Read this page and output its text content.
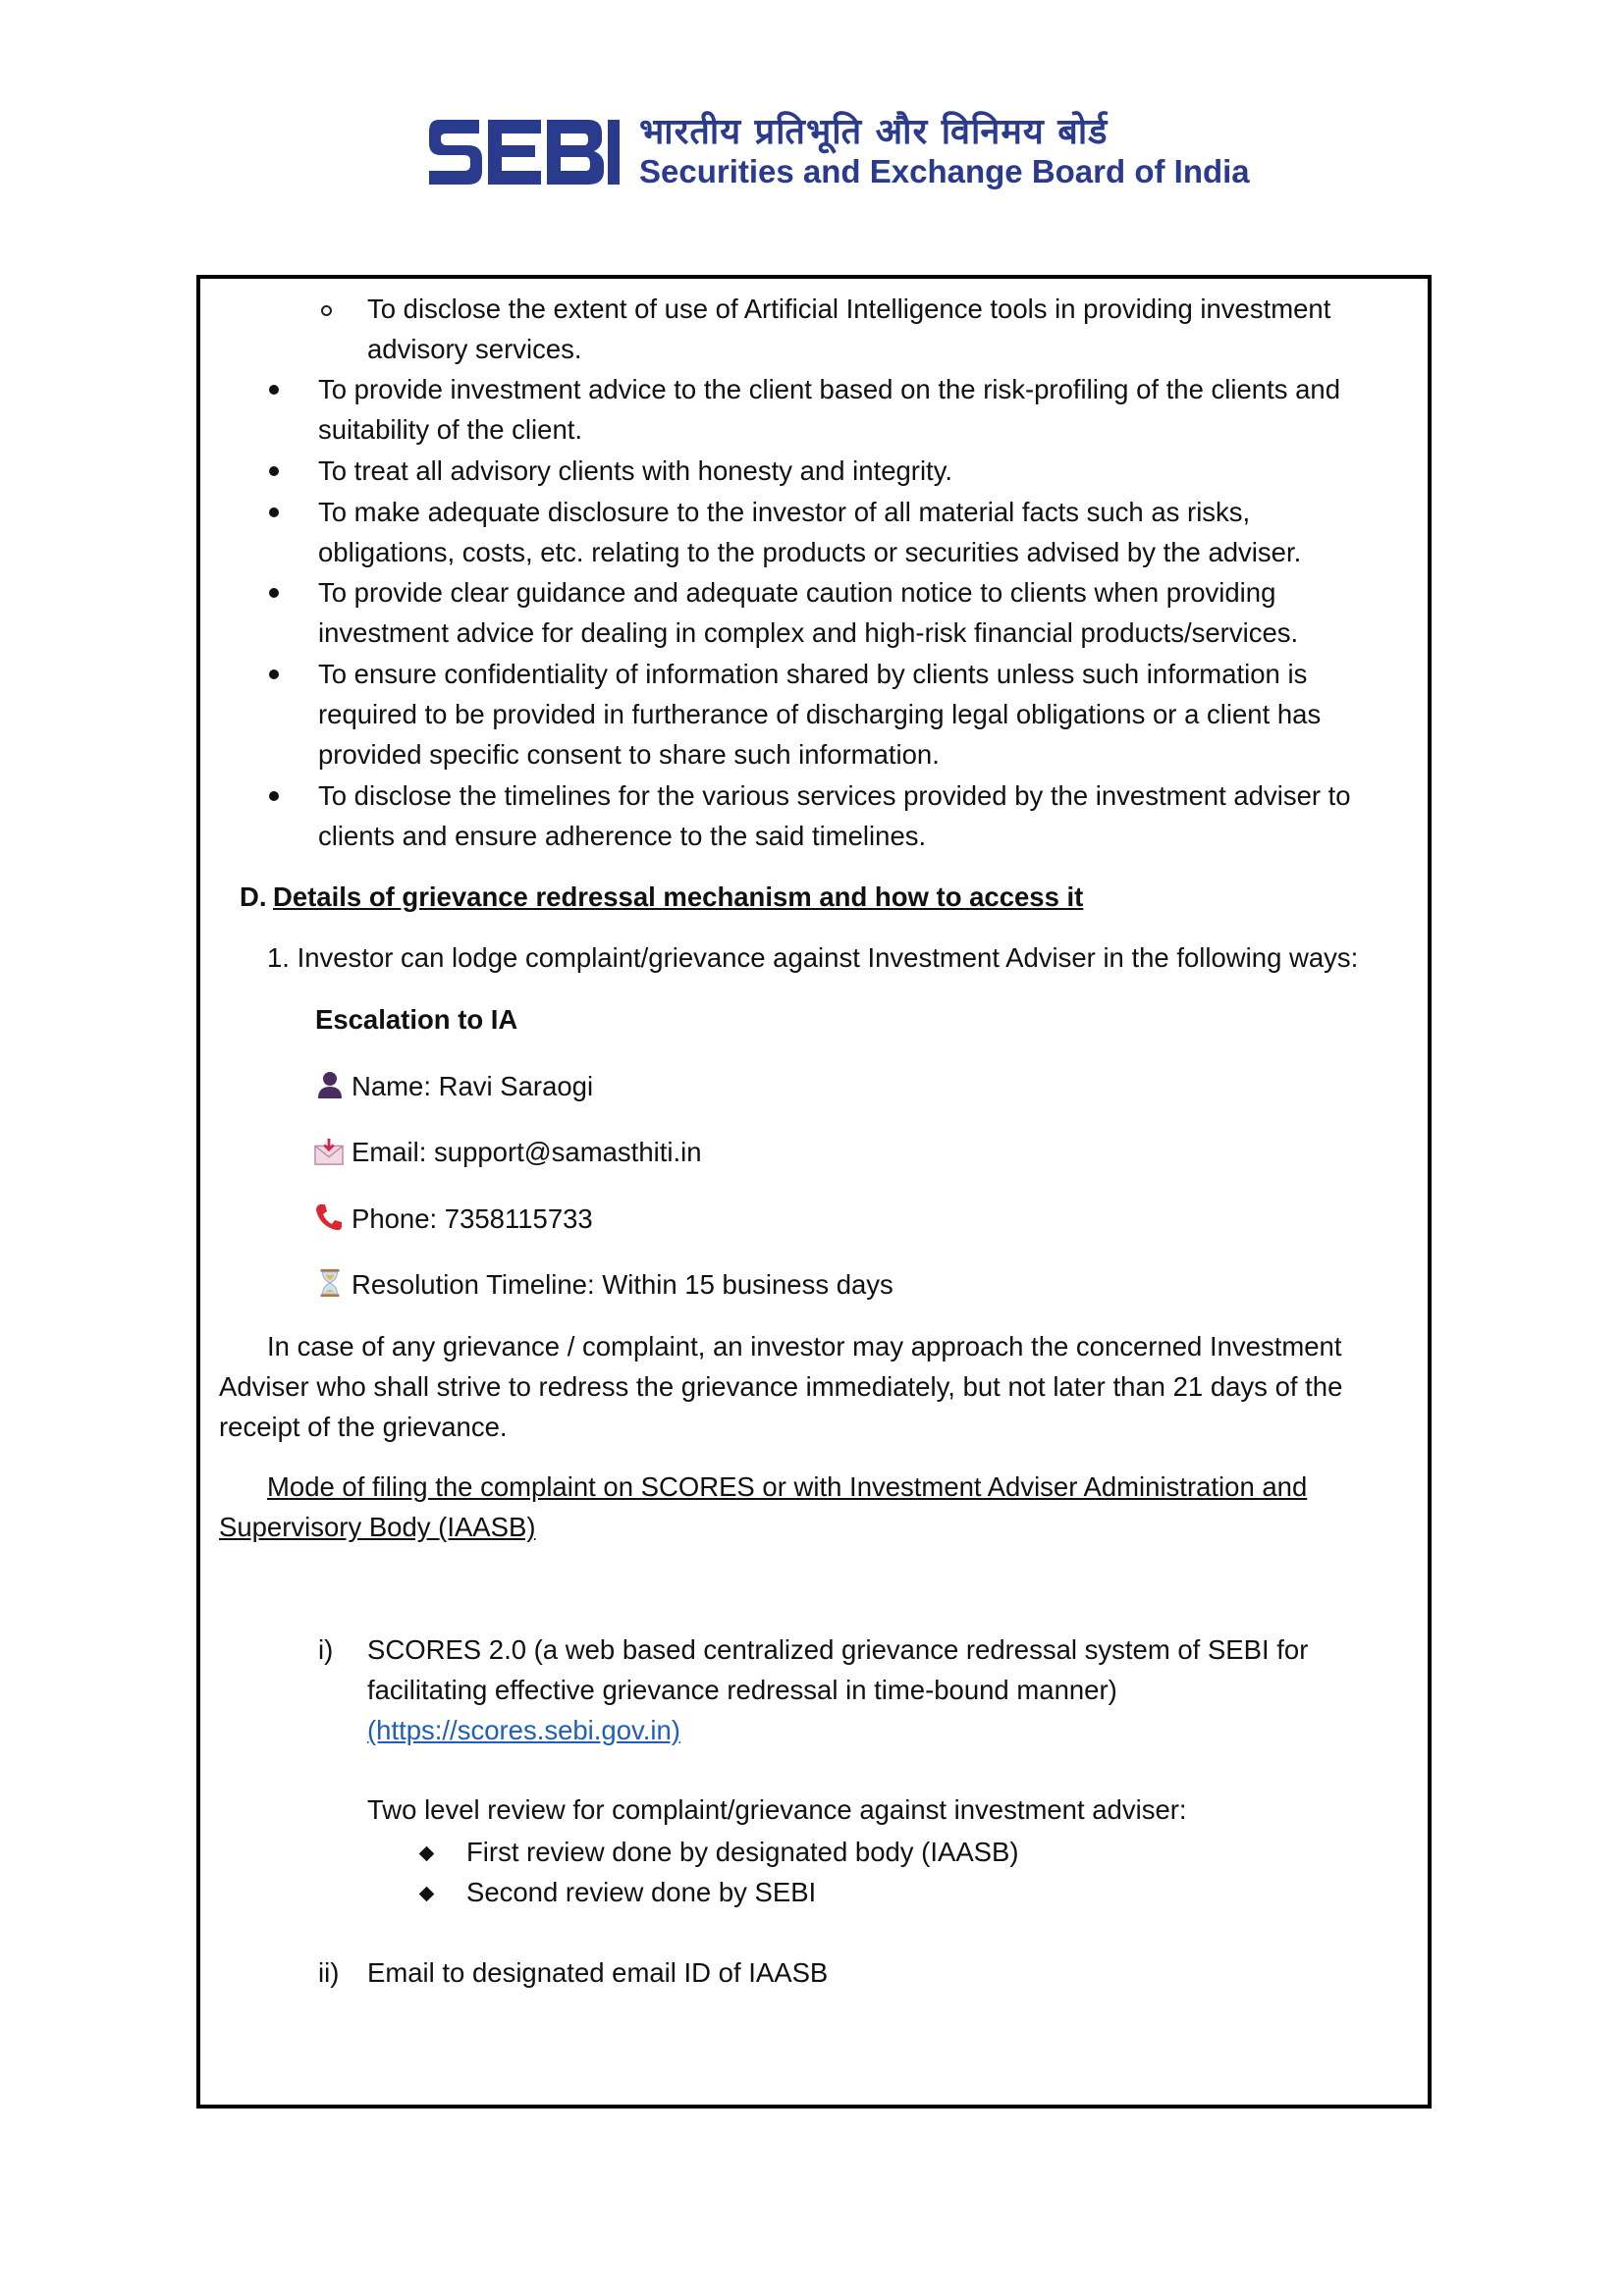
भारतीय प्रतिभूति और विनिमय बोर्ड
Securities and Exchange Board of India
To disclose the extent of use of Artificial Intelligence tools in providing investment
advisory services.
To provide investment advice to the client based on the risk-profiling of the clients and
suitability of the client.
To treat all advisory clients with honesty and integrity.
To make adequate disclosure to the investor of all material facts such as risks,
obligations, costs, etc. relating to the products or securities advised by the adviser.
To provide clear guidance and adequate caution notice to clients when providing
investment advice for dealing in complex and high-risk financial products/services.
To ensure confidentiality of information shared by clients unless such information is
required to be provided in furtherance of discharging legal obligations or a client has
provided specific consent to share such information.
To disclose the timelines for the various services provided by the investment adviser to
clients and ensure adherence to the said timelines.
D. Details of grievance redressal mechanism and how to access it
1. Investor can lodge complaint/grievance against Investment Adviser in the following ways:
Escalation to IA
Name: Ravi Saraogi
Email: support@samasthiti.in
Phone: 7358115733
Resolution Timeline: Within 15 business days
In case of any grievance / complaint, an investor may approach the concerned Investment
Adviser who shall strive to redress the grievance immediately, but not later than 21 days of the
receipt of the grievance.
Mode of filing the complaint on SCORES or with Investment Adviser Administration and
Supervisory Body (IAASB)
i) SCORES 2.0 (a web based centralized grievance redressal system of SEBI for
facilitating effective grievance redressal in time-bound manner)
(https://scores.sebi.gov.in)
Two level review for complaint/grievance against investment adviser:
First review done by designated body (IAASB)
Second review done by SEBI
ii) Email to designated email ID of IAASB
